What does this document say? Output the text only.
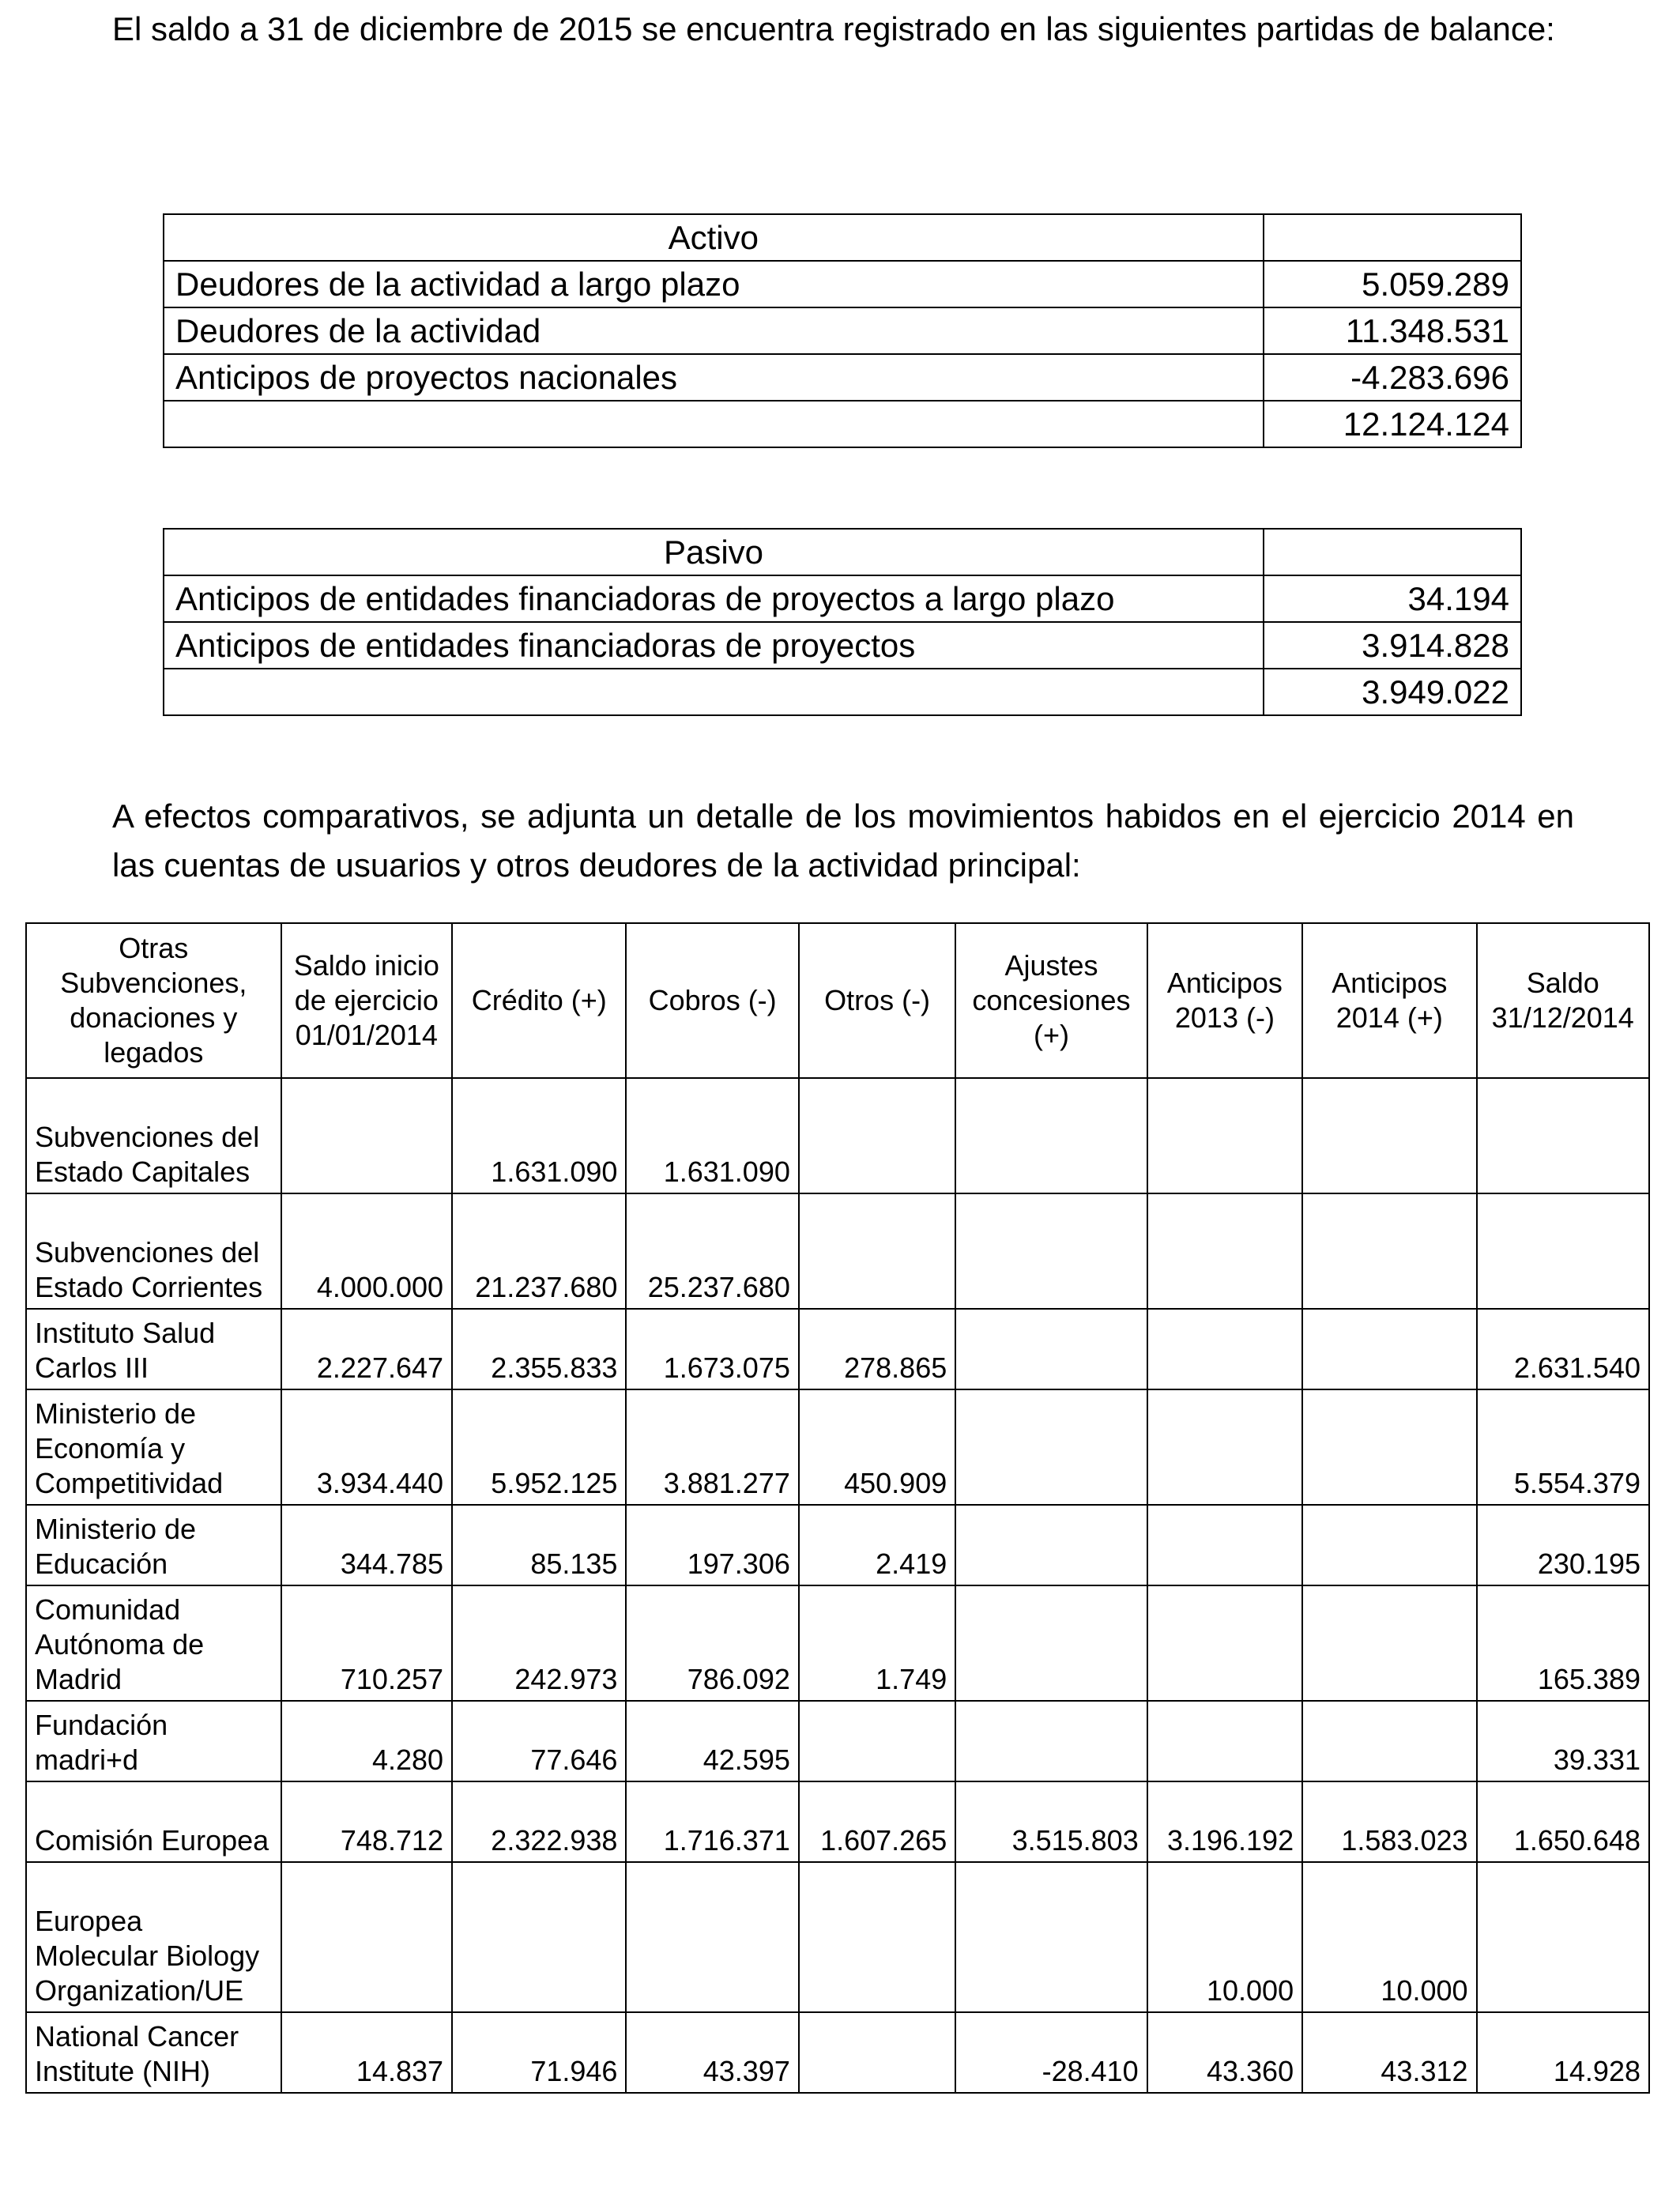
El saldo a 31 de diciembre de 2015 se encuentra registrado en las siguientes partidas de balance:

Activo	
Deudores de la actividad a largo plazo	5.059.289
Deudores de la actividad	11.348.531
Anticipos de proyectos nacionales	-4.283.696
	12.124.124
Pasivo	
Anticipos de entidades financiadoras de proyectos a largo plazo	34.194
Anticipos de entidades financiadoras de proyectos	3.914.828
	3.949.022

A efectos comparativos, se adjunta un detalle de los movimientos habidos en el ejercicio 2014 en las cuentas de usuarios y otros deudores de la actividad principal:

Otras Subvenciones, donaciones y legados	Saldo inicio de ejercicio 01/01/2014	Crédito (+)	Cobros (-)	Otros (-)	Ajustes concesiones (+)	Anticipos 2013 (-)	Anticipos 2014 (+)	Saldo 31/12/2014
Subvenciones del Estado Capitales		1.631.090	1.631.090					
Subvenciones del Estado Corrientes	4.000.000	21.237.680	25.237.680					
Instituto Salud Carlos III	2.227.647	2.355.833	1.673.075	278.865				2.631.540
Ministerio de Economía y Competitividad	3.934.440	5.952.125	3.881.277	450.909				5.554.379
Ministerio de Educación	344.785	85.135	197.306	2.419				230.195
Comunidad Autónoma de Madrid	710.257	242.973	786.092	1.749				165.389
Fundación madri+d	4.280	77.646	42.595					39.331
Comisión Europea	748.712	2.322.938	1.716.371	1.607.265	3.515.803	3.196.192	1.583.023	1.650.648
Europea Molecular Biology Organization/UE						10.000	10.000	
National Cancer Institute (NIH)	14.837	71.946	43.397		-28.410	43.360	43.312	14.928
